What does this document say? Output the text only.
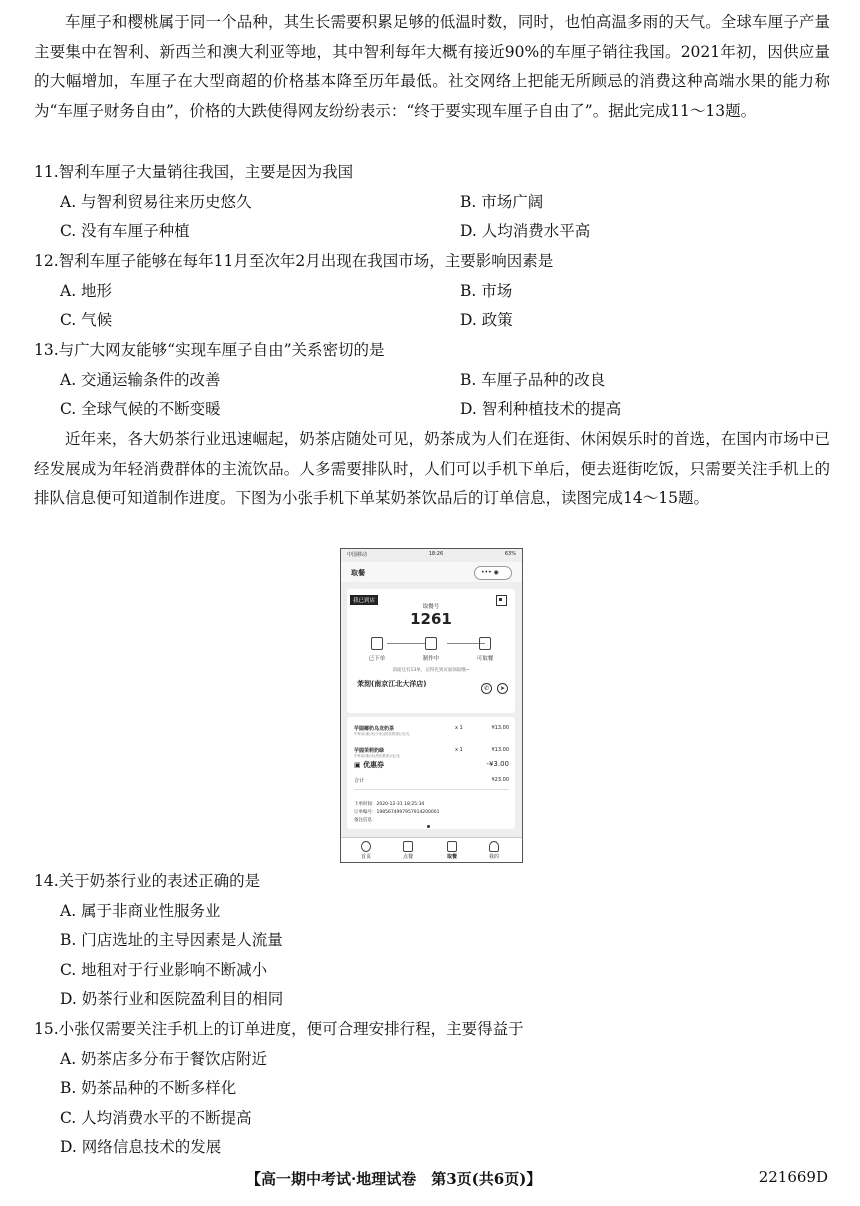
车厘子和樱桃属于同一个品种，其生长需要积累足够的低温时数，同时，也怕高温多雨的天气。全球车厘子产量主要集中在智利、新西兰和澳大利亚等地，其中智利每年大概有接近90%的车厘子销往我国。2021年初，因供应量的大幅增加，车厘子在大型商超的价格基本降至历年最低。社交网络上把能无所顾忌的消费这种高端水果的能力称为“车厘子财务自由”，价格的大跌使得网友纷纷表示：“终于要实现车厘子自由了”。据此完成11～13题。

11.智利车厘子大量销往我国，主要是因为我国
A. 与智利贸易往来历史悠久	B. 市场广阔
C. 没有车厘子种植	D. 人均消费水平高
12.智利车厘子能够在每年11月至次年2月出现在我国市场，主要影响因素是
A. 地形	B. 市场
C. 气候	D. 政策
13.与广大网友能够“实现车厘子自由”关系密切的是
A. 交通运输条件的改善	B. 车厘子品种的改良
C. 全球气候的不断变暖	D. 智利种植技术的提高

近年来，各大奶茶行业迅速崛起，奶茶店随处可见，奶茶成为人们在逛街、休闲娱乐时的首选，在国内市场中已经发展成为年轻消费群体的主流饮品。人多需要排队时，人们可以手机下单后，便去逛街吃饭，只需要关注手机上的排队信息便可知道制作进度。下图为小张手机下单某奶茶饮品后的订单信息，读图完成14～15题。

中国移动	18:26	63%
取餐	••• ◉
我已到店
取餐号
1261
已下单	制作中	可取餐
前面还有13单，记得先到页面领取哦~
茉沏(南京江北大洋店)
✆	➤
芋圆椰奶乌龙奶茶
中杯/标准/冰(少冰)(热饮推荐)/无/无
x 1	¥13.00
芋圆茉莉奶绿
中杯/标准/冰(热饮推荐)/无/无
x 1	¥13.00
▣ 优惠券	-¥3.00
合计	¥23.00
下单时间：2020-12-31 18:25:34
订单编号：1985674997957914200001
备注信息：
首页	点餐	取餐	我的
14.关于奶茶行业的表述正确的是
A. 属于非商业性服务业
B. 门店选址的主导因素是人流量
C. 地租对于行业影响不断减小
D. 奶茶行业和医院盈利目的相同
15.小张仅需要关注手机上的订单进度，便可合理安排行程，主要得益于
A. 奶茶店多分布于餐饮店附近
B. 奶茶品种的不断多样化
C. 人均消费水平的不断提高
D. 网络信息技术的发展
【高一期中考试·地理试卷　第3页(共6页)】	221669D
